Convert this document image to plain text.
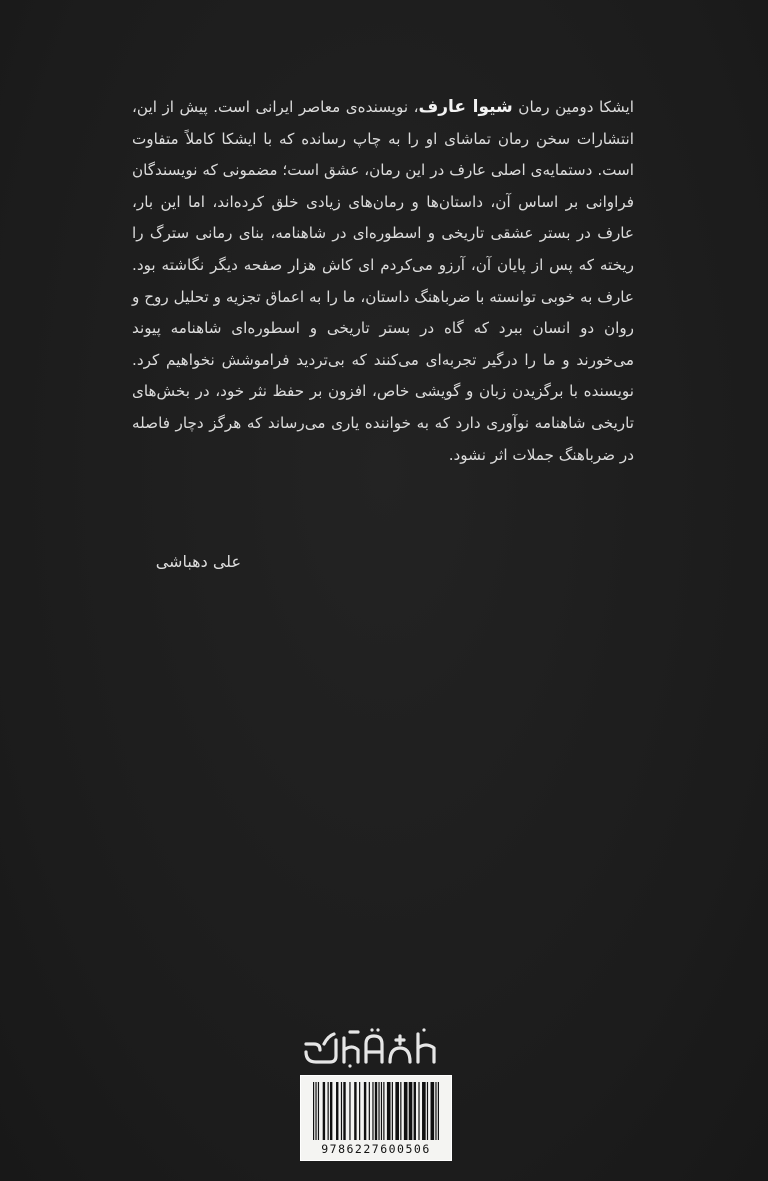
ایشکا دومین رمان شیوا عارف، نویسنده‌ی معاصر ایرانی است. پیش از این، انتشارات سخن رمان تماشای او را به چاپ رسانده که با ایشکا کاملاً متفاوت است. دستمایه‌ی اصلی عارف در این رمان، عشق است؛ مضمونی که نویسندگان فراوانی بر اساس آن، داستان‌ها و رمان‌های زیادی خلق کرده‌اند، اما این بار، عارف در بستر عشقی تاریخی و اسطوره‌ای در شاهنامه، بنای رمانی سترگ را ریخته که پس از پایان آن، آرزو می‌کردم ای کاش هزار صفحه دیگر نگاشته بود. عارف به خوبی توانسته با ضرباهنگ داستان، ما را به اعماق تجزیه و تحلیل روح و روان دو انسان ببرد که گاه در بستر تاریخی و اسطوره‌ای شاهنامه پیوند می‌خورند و ما را درگیر تجربه‌ای می‌کنند که بی‌تردید فراموشش نخواهیم کرد. نویسنده با برگزیدن زبان و گویشی خاص، افزون بر حفظ نثر خود، در بخش‌های تاریخی شاهنامه نوآوری دارد که به خواننده یاری می‌رساند که هرگز دچار فاصله در ضرباهنگ جملات اثر نشود.

علی دهباشی
کتاب‌سرای میترا
9786227600506
